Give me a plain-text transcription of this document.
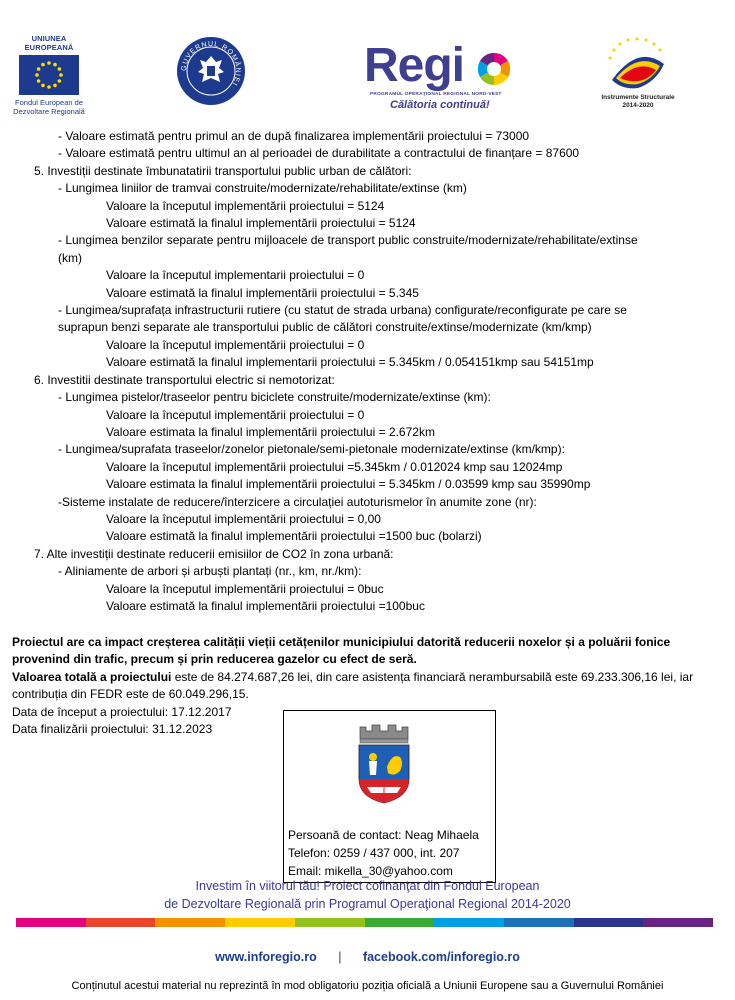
UNIUNEA EUROPEANĂ
Fondul European de
Dezvoltare Regională
GUVERNUL ROMÂNIEI	Regi
PROGRAMUL OPERAȚIONAL REGIONAL NORD-VEST
Călătoria continuă!
Instrumente Structurale
2014-2020
- Valoare estimată pentru primul an de după finalizarea implementării proiectului = 73000
- Valoare estimată pentru ultimul an al perioadei de durabilitate a contractului de finanțare = 87600
5. Investiții destinate îmbunatatirii transportului public urban de călători:
- Lungimea liniilor de tramvai construite/modernizate/rehabilitate/extinse (km)
Valoare la începutul implementării proiectului = 5124
Valoare estimată la finalul implementării proiectului = 5124
- Lungimea benzilor separate pentru mijloacele de transport public construite/modernizate/rehabilitate/extinse
(km)
Valoare la începutul implementarii proiectului = 0
Valoare estimată la finalul implementării proiectului = 5.345
- Lungimea/suprafața infrastructurii rutiere (cu statut de strada urbana) configurate/reconfigurate pe care se
suprapun benzi separate ale transportului public de călători construite/extinse/modernizate (km/kmp)
Valoare la începutul implementării proiectului = 0
Valoare estimată la finalul implementarii proiectului = 5.345km / 0.054151kmp sau 54151mp
6. Investitii destinate transportului electric si nemotorizat:
- Lungimea pistelor/traseelor pentru biciclete construite/modernizate/extinse (km):
Valoare la începutul implementării proiectului = 0
Valoare estimata la finalul implementării proiectului = 2.672km
- Lungimea/suprafata traseelor/zonelor pietonale/semi-pietonale modernizate/extinse (km/kmp):
Valoare la începutul implementării proiectului =5.345km / 0.012024 kmp sau 12024mp
Valoare estimata la finalul implementării proiectului = 5.345km / 0.03599 kmp sau 35990mp
-Sisteme instalate de reducere/înterzicere a circulației autoturismelor în anumite zone (nr):
Valoare la începutul implementării proiectului = 0,00
Valoare estimată la finalul implementării proiectului =1500 buc (bolarzi)
7. Alte investiții destinate reducerii emisiilor de CO2 în zona urbană:
- Aliniamente de arbori și arbuști plantați (nr., km, nr./km):
Valoare la începutul implementării proiectului = 0buc
Valoare estimată la finalul implementării proiectului =100buc

Proiectul are ca impact creșterea calității vieții cetățenilor municipiului datorită reducerii noxelor și a poluării fonice provenind din trafic, precum și prin reducerea gazelor cu efect de seră.

Valoarea totală a proiectului este de 84.274.687,26 lei, din care asistența financiară nerambursabilă este 69.233.306,16 lei, iar contribuția din FEDR este de 60.049.296,15.

Data de început a proiectului: 17.12.2017

Data finalizării proiectului: 31.12.2023

Persoană de contact: Neag Mihaela
Telefon: 0259 / 437 000, int. 207
Email: mikella_30@yahoo.com
Investim în viitorul tău! Proiect cofinanţat din Fondul European
de Dezvoltare Regională prin Programul Operaţional Regional 2014-2020
www.inforegio.ro | facebook.com/inforegio.ro
Conținutul acestui material nu reprezintă în mod obligatoriu poziția oficială a Uniunii Europene sau a Guvernului României
